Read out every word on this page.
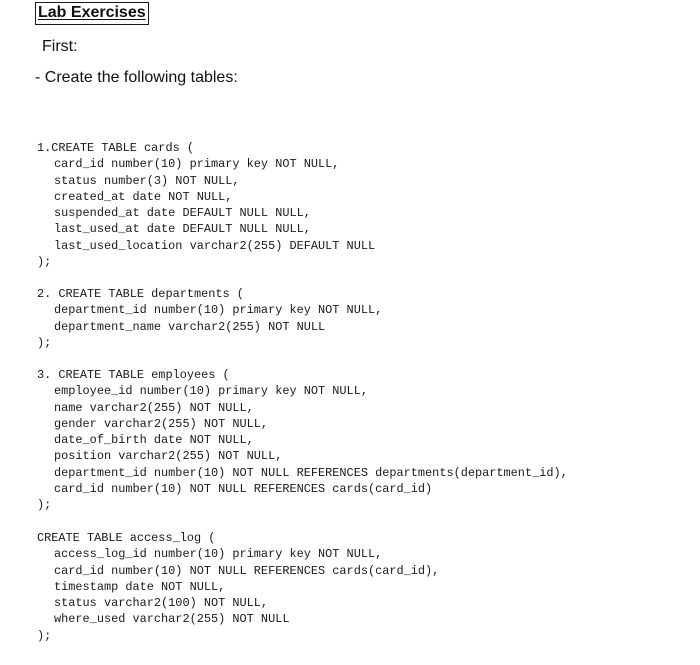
Lab Exercises
First:
- Create the following tables:
1.CREATE TABLE cards (
card_id number(10) primary key NOT NULL,
status number(3) NOT NULL,
created_at date NOT NULL,
suspended_at date DEFAULT NULL NULL,
last_used_at date DEFAULT NULL NULL,
last_used_location varchar2(255) DEFAULT NULL
);
2. CREATE TABLE departments (
department_id number(10) primary key NOT NULL,
department_name varchar2(255) NOT NULL
);
3. CREATE TABLE employees (
employee_id number(10) primary key NOT NULL,
name varchar2(255) NOT NULL,
gender varchar2(255) NOT NULL,
date_of_birth date NOT NULL,
position varchar2(255) NOT NULL,
department_id number(10) NOT NULL REFERENCES departments(department_id),
card_id number(10) NOT NULL REFERENCES cards(card_id)
);
CREATE TABLE access_log (
access_log_id number(10) primary key NOT NULL,
card_id number(10) NOT NULL REFERENCES cards(card_id),
timestamp date NOT NULL,
status varchar2(100) NOT NULL,
where_used varchar2(255) NOT NULL
);
